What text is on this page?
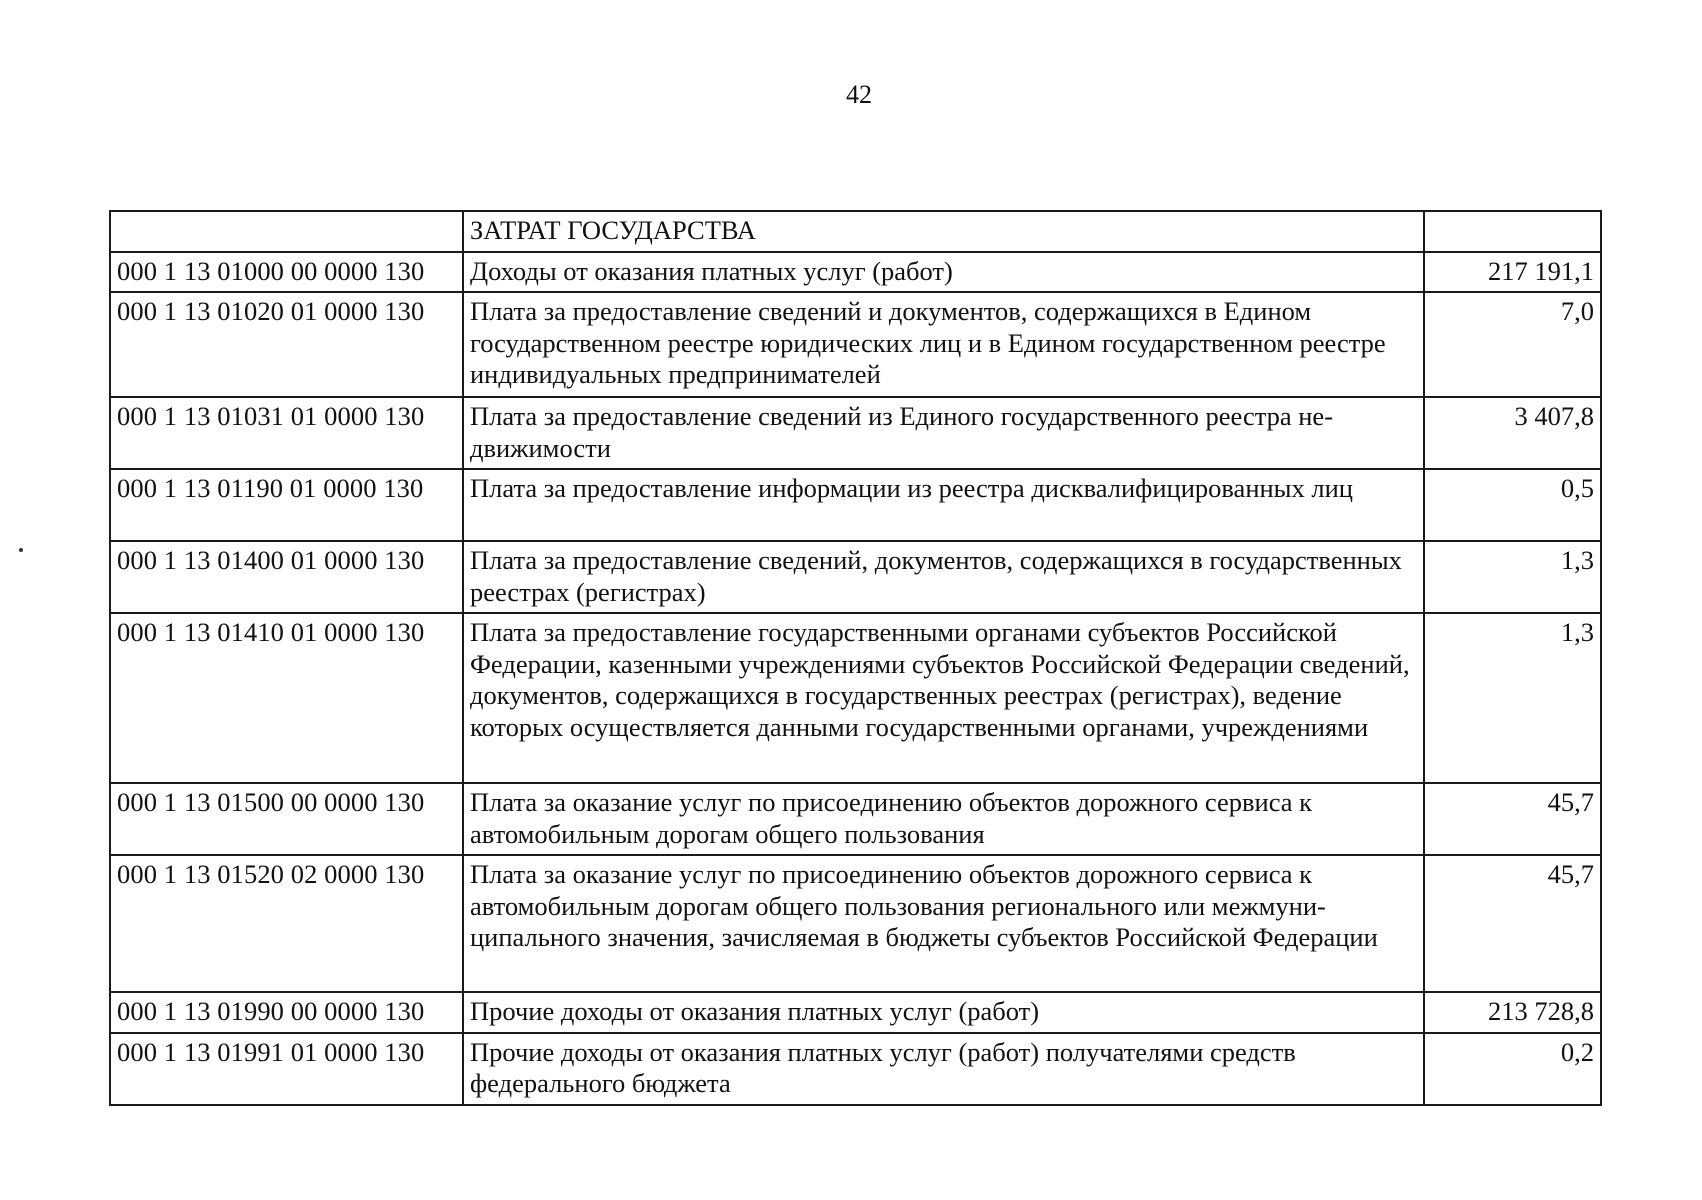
42
	ЗАТРАТ ГОСУДАРСТВА	
000 1 13 01000 00 0000 130	Доходы от оказания платных услуг (работ)	217 191,1
000 1 13 01020 01 0000 130	Плата за предоставление сведений и документов, содержащихся в Едином государственном реестре юридических лиц и в Едином государственном реестре индивидуальных предпринимателей	7,0
000 1 13 01031 01 0000 130	Плата за предоставление сведений из Единого государственного реестра недвижимости	3 407,8
000 1 13 01190 01 0000 130	Плата за предоставление информации из реестра дисквалифицированных лиц	0,5
000 1 13 01400 01 0000 130	Плата за предоставление сведений, документов, содержащихся в государственных реестрах (регистрах)	1,3
000 1 13 01410 01 0000 130	Плата за предоставление государственными органами субъектов Российской Федерации, казенными учреждениями субъектов Российской Федерации сведений, документов, содержащихся в государственных реестрах (регистрах), ведение которых осуществляется данными государственными органами, учреждениями	1,3
000 1 13 01500 00 0000 130	Плата за оказание услуг по присоединению объектов дорожного сервиса к автомобильным дорогам общего пользования	45,7
000 1 13 01520 02 0000 130	Плата за оказание услуг по присоединению объектов дорожного сервиса к автомобильным дорогам общего пользования регионального или межмуниципального значения, зачисляемая в бюджеты субъектов Российской Федерации	45,7
000 1 13 01990 00 0000 130	Прочие доходы от оказания платных услуг (работ)	213 728,8
000 1 13 01991 01 0000 130	Прочие доходы от оказания платных услуг (работ) получателями средств федерального бюджета	0,2
